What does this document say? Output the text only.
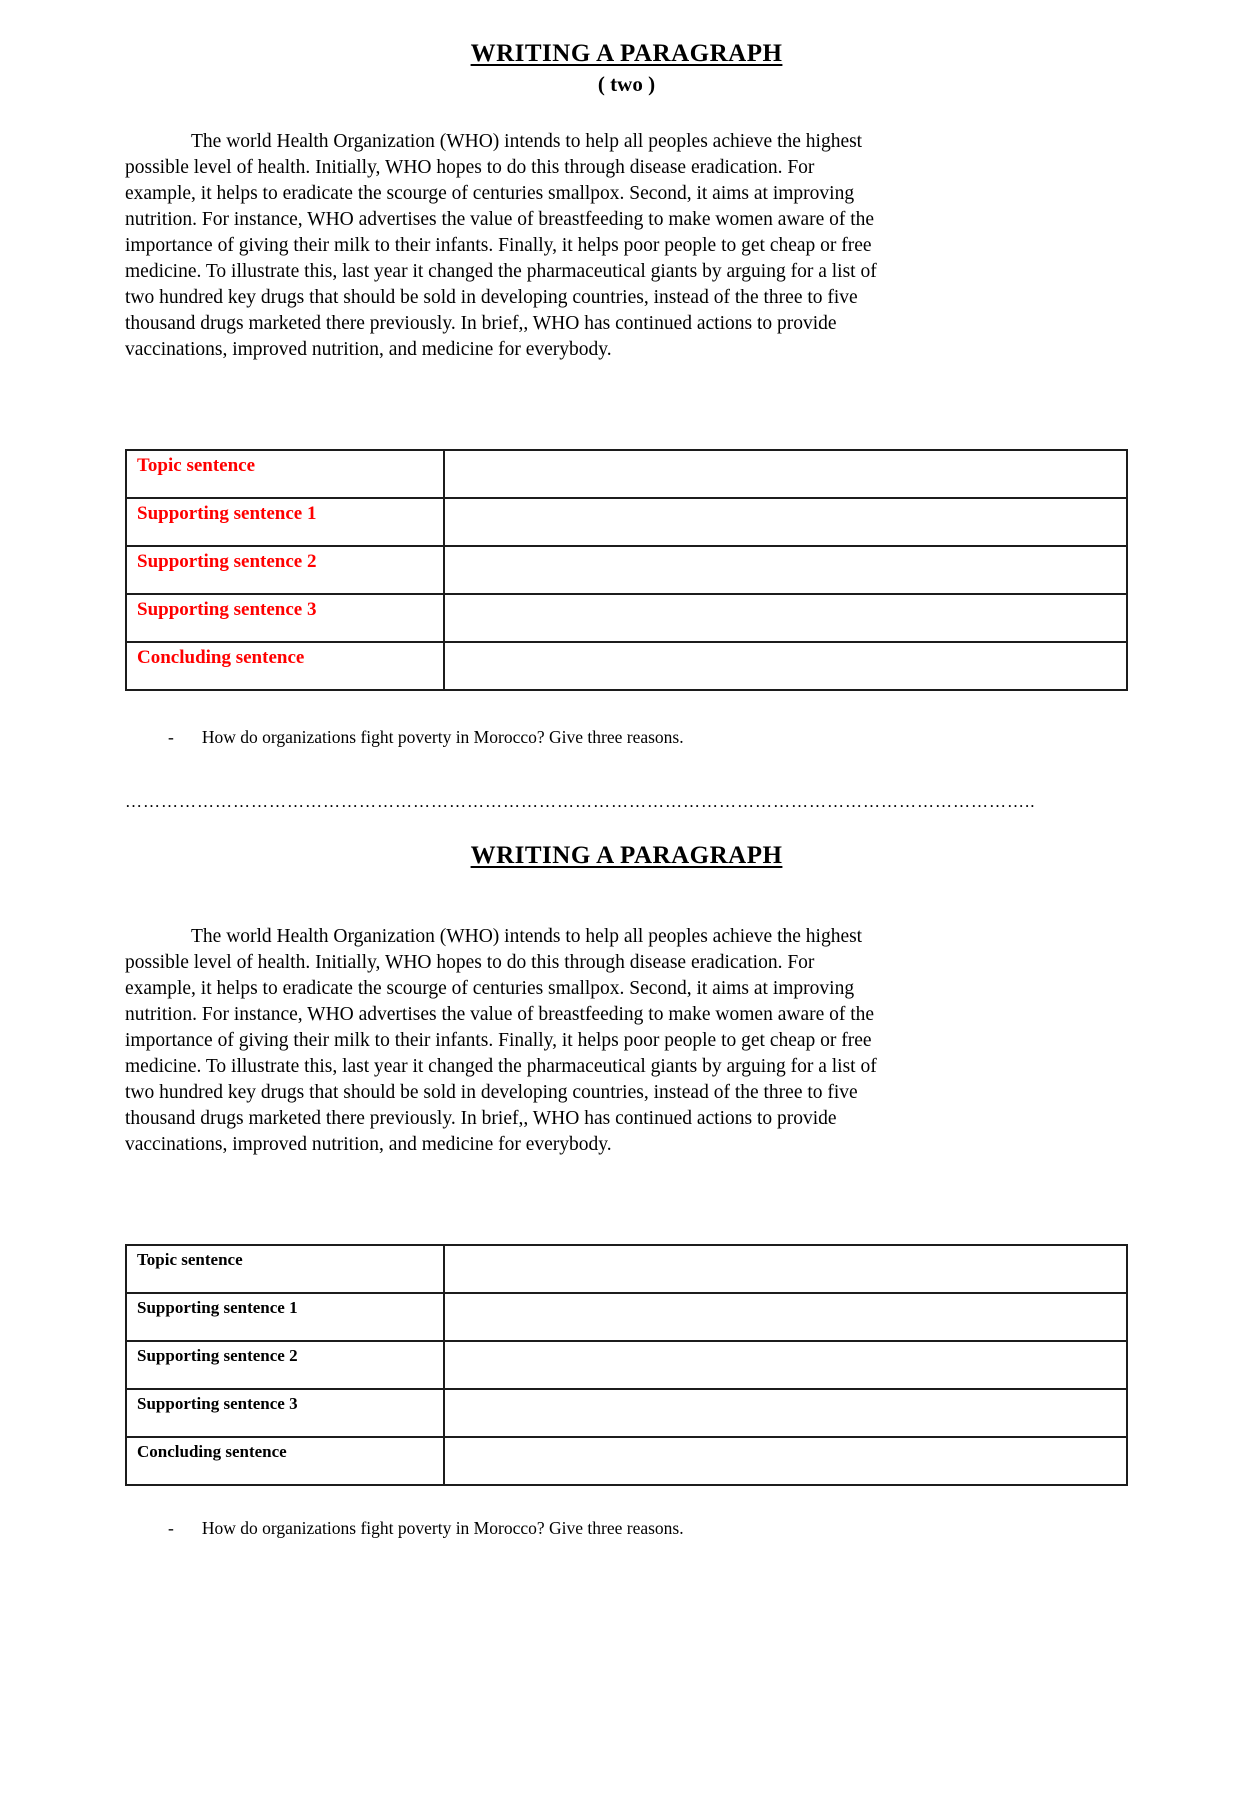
WRITING A PARAGRAPH
( two )
The world Health Organization (WHO) intends to help all peoples achieve the highest
possible level of health. Initially, WHO hopes to do this through disease eradication. For
example, it helps to eradicate the scourge of centuries smallpox. Second, it aims at improving
nutrition. For instance, WHO advertises the value of breastfeeding to make women aware of the
importance of giving their milk to their infants. Finally, it helps poor people to get cheap or free
medicine. To illustrate this, last year it changed the pharmaceutical giants by arguing for a list of
two hundred key drugs that should be sold in developing countries, instead of the three to five
thousand drugs marketed there previously. In brief,, WHO has continued actions to provide
vaccinations, improved nutrition, and medicine for everybody.
Topic sentence	
Supporting sentence 1	
Supporting sentence 2	
Supporting sentence 3	
Concluding sentence	
- How do organizations fight poverty in Morocco? Give three reasons.
……………………………………………………………………………………………………………………………………..
WRITING A PARAGRAPH
The world Health Organization (WHO) intends to help all peoples achieve the highest
possible level of health. Initially, WHO hopes to do this through disease eradication. For
example, it helps to eradicate the scourge of centuries smallpox. Second, it aims at improving
nutrition. For instance, WHO advertises the value of breastfeeding to make women aware of the
importance of giving their milk to their infants. Finally, it helps poor people to get cheap or free
medicine. To illustrate this, last year it changed the pharmaceutical giants by arguing for a list of
two hundred key drugs that should be sold in developing countries, instead of the three to five
thousand drugs marketed there previously. In brief,, WHO has continued actions to provide
vaccinations, improved nutrition, and medicine for everybody.
Topic sentence	
Supporting sentence 1	
Supporting sentence 2	
Supporting sentence 3	
Concluding sentence	
- How do organizations fight poverty in Morocco? Give three reasons.
